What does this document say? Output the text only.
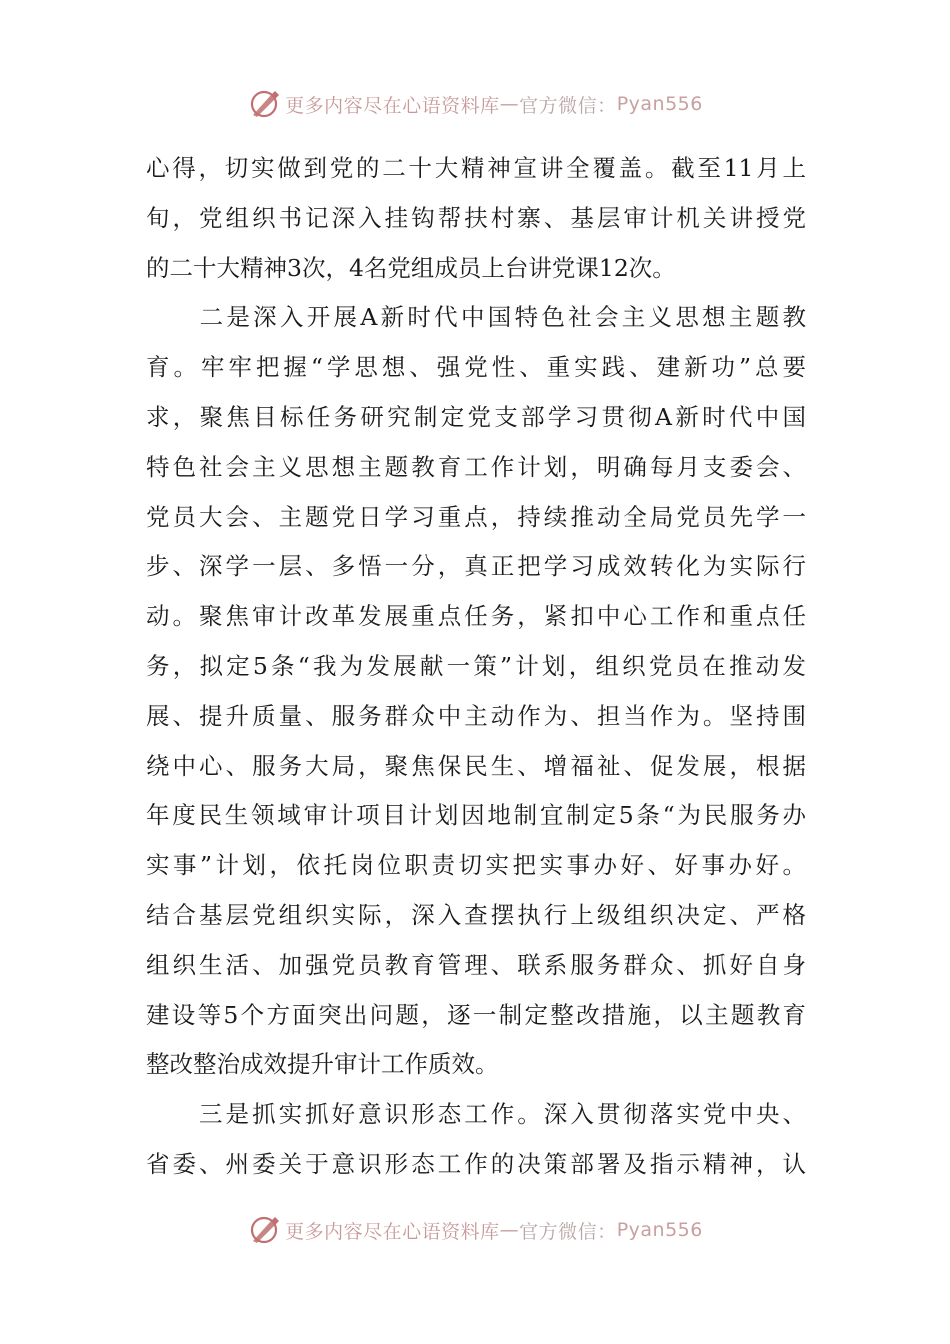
更多内容尽在心语资料库 — 官方微信： Pyan556
心得，切实做到党的二十大精神宣讲全覆盖。截至11月上
旬，党组织书记深入挂钩帮扶村寨、基层审计机关讲授党
的二十大精神3次，4名党组成员上台讲党课12次。
　　二是深入开展A新时代中国特色社会主义思想主题教
育。牢牢把握“学思想、强党性、重实践、建新功”总要
求，聚焦目标任务研究制定党支部学习贯彻A新时代中国
特色社会主义思想主题教育工作计划，明确每月支委会、
党员大会、主题党日学习重点，持续推动全局党员先学一
步、深学一层、多悟一分，真正把学习成效转化为实际行
动。聚焦审计改革发展重点任务，紧扣中心工作和重点任
务，拟定5条“我为发展献一策”计划，组织党员在推动发
展、提升质量、服务群众中主动作为、担当作为。坚持围
绕中心、服务大局，聚焦保民生、增福祉、促发展，根据
年度民生领域审计项目计划因地制宜制定5条“为民服务办
实事”计划，依托岗位职责切实把实事办好、好事办好。
结合基层党组织实际，深入查摆执行上级组织决定、严格
组织生活、加强党员教育管理、联系服务群众、抓好自身
建设等5个方面突出问题，逐一制定整改措施，以主题教育
整改整治成效提升审计工作质效。
　　三是抓实抓好意识形态工作。深入贯彻落实党中央、
省委、州委关于意识形态工作的决策部署及指示精神，认
更多内容尽在心语资料库 — 官方微信： Pyan556
